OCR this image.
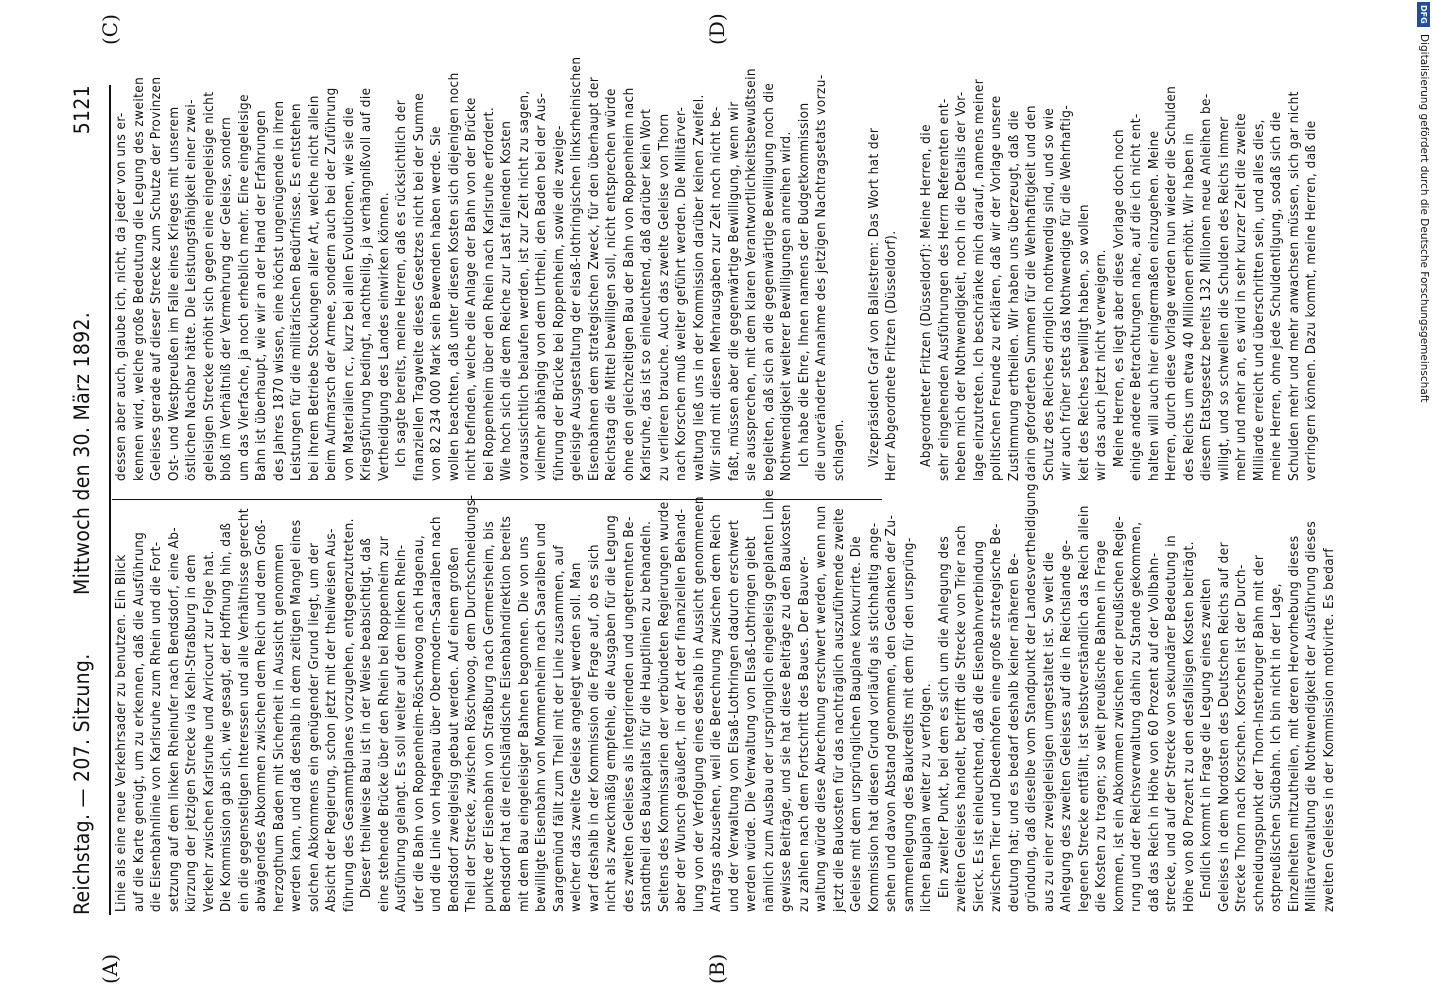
Reichstag. — 207. Sitzung.
Mittwoch den 30. März 1892.
5121
Linie als eine neue Verkehrsader zu benutzen. Ein Blick auf die Karte genügt, um zu erkennen, daß die Ausführung die Eisenbahnlinie von Karlsruhe zum Rhein und die Fort- setzung auf dem linken Rheinufer nach Bendsdorf, eine Ab- kürzung der jetzigen Strecke via Kehl-Straßburg in dem Verkehr zwischen Karlsruhe und Avricourt zur Folge hat. Die Kommission gab sich, wie gesagt, der Hoffnung hin, daß ein die gegenseitigen Interessen und alle Verhältnisse gerecht abwägendes Abkommen zwischen dem Reich und dem Groß- herzogthum Baden mit Sicherheit in Aussicht genommen werden kann, und daß deshalb in dem zeitigen Mangel eines solchen Abkommens ein genügender Grund liegt, um der Absicht der Regierung, schon jetzt mit der theilweisen Aus- führung des Gesammtplanes vorzugehen, entgegenzutreten. Dieser theilweise Bau ist in der Weise beabsichtigt, daß eine stehende Brücke über den Rhein bei Roppenheim zur Ausführung gelangt. Es soll weiter auf dem linken Rhein- ufer die Bahn von Roppenheim-Röschwoog nach Hagenau, und die Linie von Hagenau über Obermodern-Saaralben nach Bendsdorf zweigleisig gebaut werden. Auf einem großen Theil der Strecke, zwischen Röschwoog, dem Durchschneidungs- punkte der Eisenbahn von Straßburg nach Germersheim, bis Bendsdorf hat die reichsländische Eisenbahndirektion bereits mit dem Bau eingeleisiger Bahnen begonnen. Die von uns bewilligte Eisenbahn von Mommenheim nach Saaralben und Saargemünd fällt zum Theil mit der Linie zusammen, auf welcher das zweite Geleise angelegt werden soll. Man warf deshalb in der Kommission die Frage auf, ob es sich nicht als zweckmäßig empfehle, die Ausgaben für die Legung des zweiten Geleises als integrirenden und ungetrennten Be- standtheil des Baukapitals für die Hauptlinien zu behandeln. Seitens des Kommissarien der verbündeten Regierungen wurde aber der Wunsch geäußert, in der Art der finanziellen Behand- lung von der Verfolgung eines deshalb in Aussicht genommenen Antrags abzusehen, weil die Berechnung zwischen dem Reich und der Verwaltung von Elsaß-Lothringen dadurch erschwert werden würde. Die Verwaltung von Elsaß-Lothringen giebt nämlich zum Ausbau der ursprünglich eingeleisig geplanten Linie gewisse Beiträge, und sie hat diese Beiträge zu den Baukosten zu zahlen nach dem Fortschritt des Baues. Der Bauver- waltung würde diese Abrechnung erschwert werden, wenn nun jetzt die Baukosten für das nachträglich auszuführende zweite Geleise mit dem ursprünglichen Bauplane konkurrirte. Die Kommission hat diesen Grund vorläufig als stichhaltig ange- sehen und davon Abstand genommen, den Gedanken der Zu- sammenlegung des Baukredits mit dem für den ursprüng- lichen Bauplan weiter zu verfolgen. Ein zweiter Punkt, bei dem es sich um die Anlegung des zweiten Geleises handelt, betrifft die Strecke von Trier nach Sierck. Es ist einleuchtend, daß die Eisenbahnverbindung zwischen Trier und Diedenhofen eine große strategische Be- deutung hat; und es bedarf deshalb keiner näheren Be- gründung, daß dieselbe vom Standpunkt der Landesvertheidigung aus zu einer zweigeleisigen umgestaltet ist. So weit die Anlegung des zweiten Geleises auf die in Reichslande ge- legenen Strecke entfällt, ist selbstverständlich das Reich allein die Kosten zu tragen; so weit preußische Bahnen in Frage kommen, ist ein Abkommen zwischen der preußischen Regie- rung und der Reichsverwaltung dahin zu Stande gekommen, daß das Reich in Höhe von 60 Prozent auf der Vollbahn- strecke, und auf der Strecke von sekundärer Bedeutung in Höhe von 80 Prozent zu den desfallsigen Kosten beiträgt. Endlich kommt in Frage die Legung eines zweiten Geleises in dem Nordosten des Deutschen Reichs auf der Strecke Thorn nach Korschen. Korschen ist der Durch- schneidungspunkt der Thorn-Insterburger Bahn mit der ostpreußischen Südbahn. Ich bin nicht in der Lage, Einzelheiten mitzutheilen, mit deren Hervorhebung dieses Militärverwaltung die Nothwendigkeit der Ausführung dieses zweiten Geleises in der Kommission motivirte. Es bedarf
dessen aber auch, glaube ich, nicht, da jeder von uns er- kennen wird, welche große Bedeutung die Legung des zweiten Geleises gerade auf dieser Strecke zum Schutze der Provinzen Ost- und Westpreußen im Falle eines Krieges mit unserem östlichen Nachbar hätte. Die Leistungsfähigkeit einer zwei- geleisigen Strecke erhöht sich gegen eine eingeleisige nicht bloß im Verhältniß der Vermehrung der Geleise, sondern um das Vierfache, ja noch erheblich mehr. Eine eingeleisige Bahn ist überhaupt, wie wir an der Hand der Erfahrungen des Jahres 1870 wissen, eine höchst ungenügende in ihren Leistungen für die militärischen Bedürfnisse. Es entstehen bei ihrem Betriebe Stockungen aller Art, welche nicht allein beim Aufmarsch der Armee, sondern auch bei der Zuführung von Materialien rc., kurz bei allen Evolutionen, wie sie die Kriegsführung bedingt, nachtheilig, ja verhängnißvoll auf die Vertheidigung des Landes einwirken können. Ich sagte bereits, meine Herren, daß es rücksichtlich der finanziellen Tragweite dieses Gesetzes nicht bei der Summe von 82 234 000 Mark sein Bewenden haben werde. Sie wollen beachten, daß unter diesen Kosten sich diejenigen noch nicht befinden, welche die Anlage der Bahn von der Brücke bei Roppenheim über den Rhein nach Karlsruhe erfordert. Wie hoch sich die dem Reiche zur Last fallenden Kosten voraussichtlich belaufen werden, ist zur Zeit nicht zu sagen, vielmehr abhängig von dem Urtheil, den Baden bei der Aus- führung der Brücke bei Roppenheim, sowie die zweige- geleisige Ausgestaltung der elsaß-lothringischen linksrheinischen Eisenbahnen dem strategischen Zweck, für den überhaupt der Reichstag die Mittel bewilligen soll, nicht entsprechen würde ohne den gleichzeitigen Bau der Bahn von Roppenheim nach Karlsruhe, das ist so einleuchtend, daß darüber kein Wort zu verlieren brauche. Auch das zweite Geleise von Thorn nach Korschen muß weiter geführt werden. Die Militärver- waltung ließ uns in der Kommission darüber keinen Zweifel. Wir sind mit diesen Mehrausgaben zur Zeit noch nicht be- faßt, müssen aber die gegenwärtige Bewilligung, wenn wir sie aussprechen, mit dem klaren Verantwortlichkeitsbewußtsein begleiten, daß sich an die gegenwärtige Bewilligung noch die Nothwendigkeit weiterer Bewilligungen anreihen wird. Ich habe die Ehre, Ihnen namens der Budgetkommission die unveränderte Annahme des jetzigen Nachtragsetats vorzu- schlagen. Vizepräsident Graf von Ballestrem: Das Wort hat der Herr Abgeordnete Fritzen (Düsseldorf). Abgeordneter Fritzen (Düsseldorf): Meine Herren, die sehr eingehenden Ausführungen des Herrn Referenten ent- heben mich der Nothwendigkeit, noch in die Details der Vor- lage einzutreten. Ich beschränke mich darauf, namens meiner politischen Freunde zu erklären, daß wir der Vorlage unsere Zustimmung ertheilen. Wir haben uns überzeugt, daß die darin geforderten Summen für die Wehrhaftigkeit und den Schutz des Reiches dringlich nothwendig sind, und so wie wir auch früher stets das Nothwendige für die Wehrhaftig- keit des Reiches bewilligt haben, so wollen wir das auch jetzt nicht verweigern. Meine Herren, es liegt aber diese Vorlage doch noch einige andere Betrachtungen nahe, auf die ich nicht ent- halten will auch hier einigermaßen einzugehen. Meine Herren, durch diese Vorlage werden nun wieder die Schulden des Reichs um etwa 40 Millionen erhöht. Wir haben in diesem Etatsgesetz bereits 132 Millionen neue Anleihen be- willigt, und so schwellen die Schulden des Reichs immer mehr und mehr an, es wird in sehr kurzer Zeit die zweite Milliarde erreicht und überschritten sein, und alles dies, meine Herren, ohne jede Schuldentilgung, sodaß sich die Schulden mehr und mehr anwachsen müssen, sich gar nicht verringern können. Dazu kommt, meine Herren, daß die
(A)	(B)
(C)	(D)	DFG
Digitalisierung gefördert durch die Deutsche Forschungsgemeinschaft
